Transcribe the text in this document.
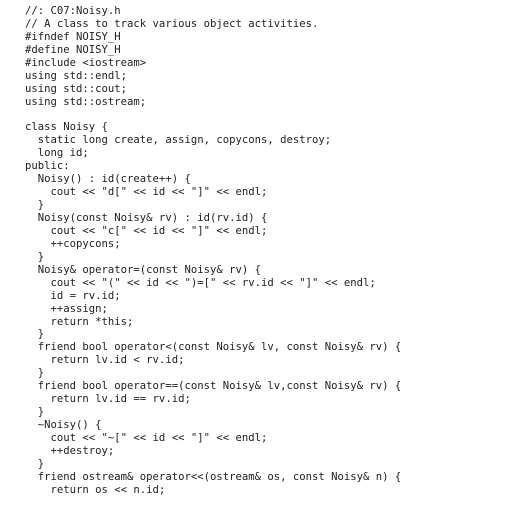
//: C07:Noisy.h
// A class to track various object activities.
#ifndef NOISY_H
#define NOISY_H
#include <iostream>
using std::endl;
using std::cout;
using std::ostream;
class Noisy {
static long create, assign, copycons, destroy;
long id;
public:
Noisy() : id(create++) {
cout << "d[" << id << "]" << endl;
}
Noisy(const Noisy& rv) : id(rv.id) {
cout << "c[" << id << "]" << endl;
++copycons;
}
Noisy& operator=(const Noisy& rv) {
cout << "(" << id << ")=[" << rv.id << "]" << endl;
id = rv.id;
++assign;
return *this;
}
friend bool operator<(const Noisy& lv, const Noisy& rv) {
return lv.id < rv.id;
}
friend bool operator==(const Noisy& lv,const Noisy& rv) {
return lv.id == rv.id;
}
~Noisy() {
cout << "~[" << id << "]" << endl;
++destroy;
}
friend ostream& operator<<(ostream& os, const Noisy& n) {
return os << n.id;
